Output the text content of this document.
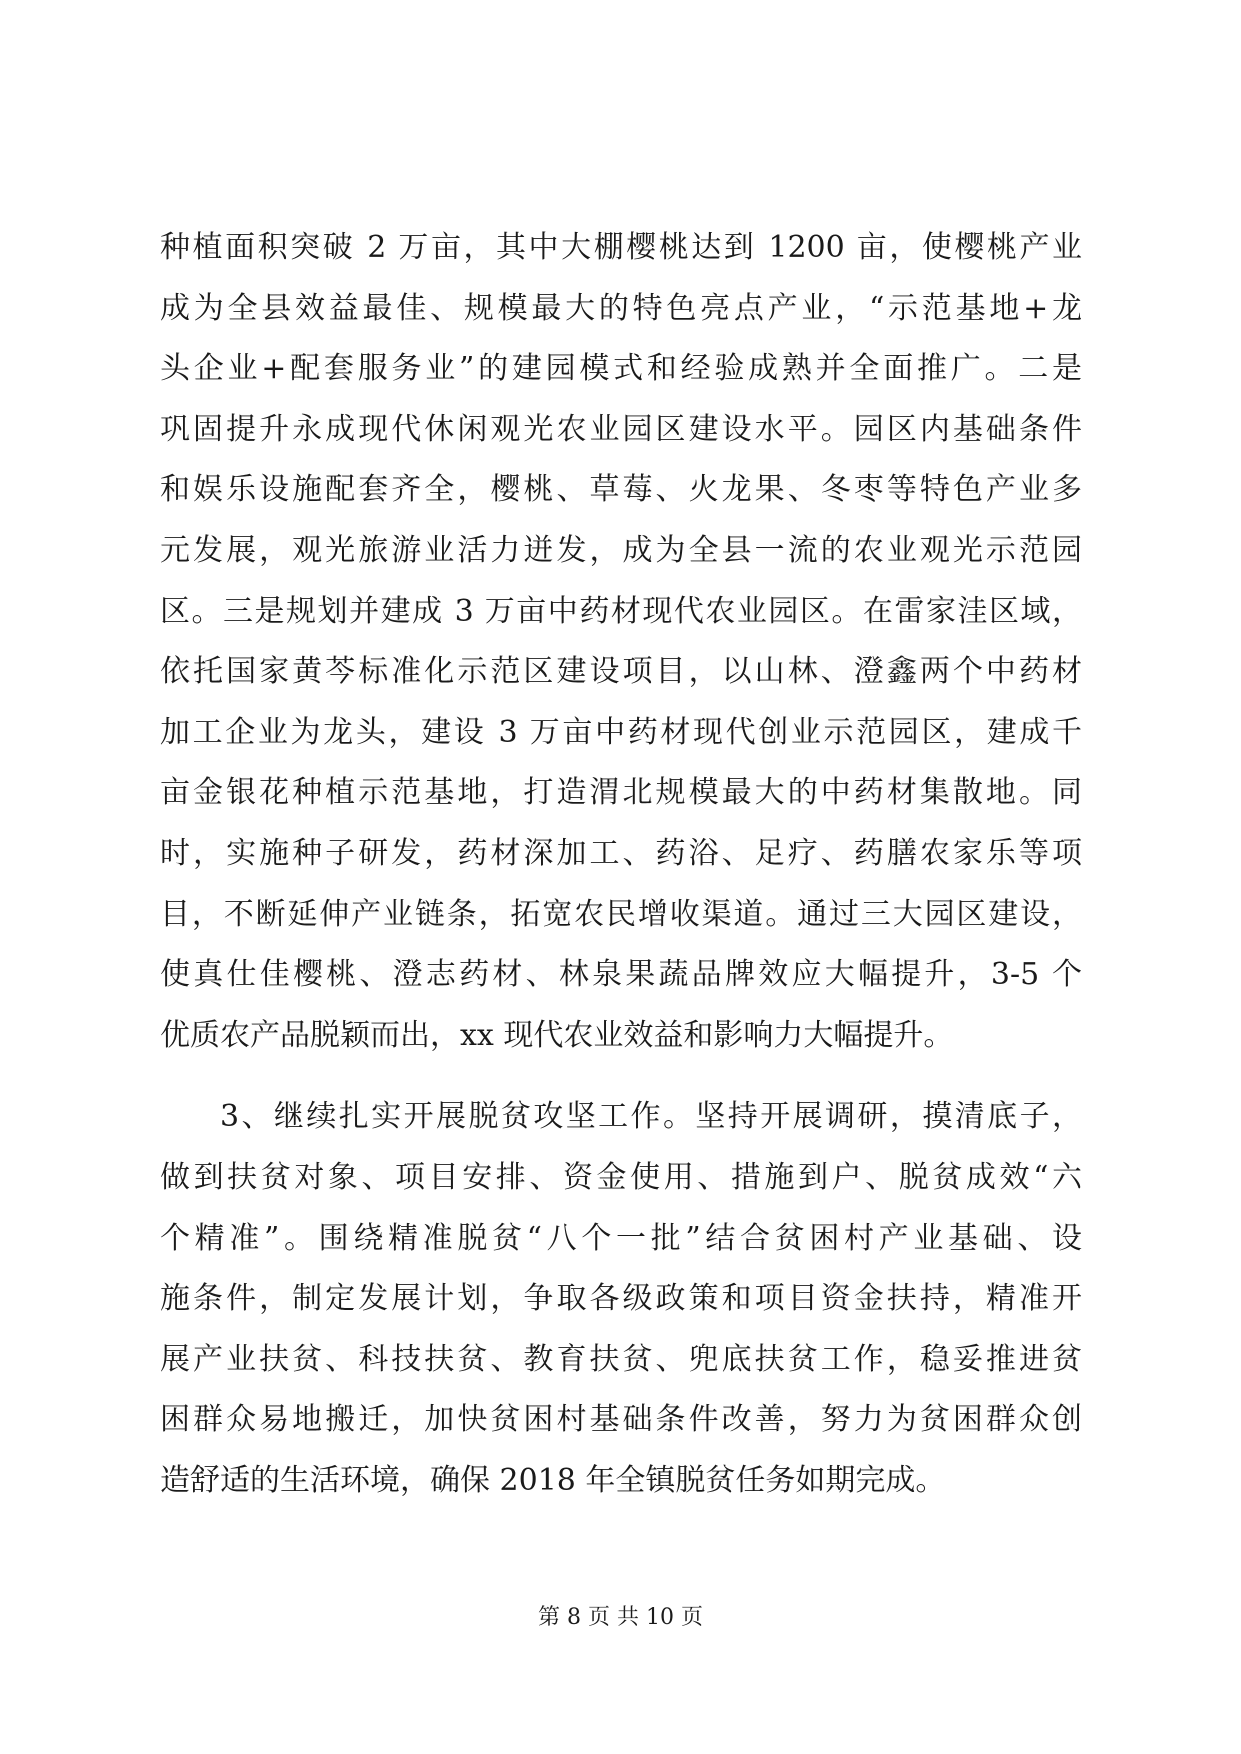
种植面积突破 2 万亩，其中大棚樱桃达到 1200 亩，使樱桃产业
成为全县效益最佳、规模最大的特色亮点产业，“示范基地+龙
头企业+配套服务业”的建园模式和经验成熟并全面推广。二是
巩固提升永成现代休闲观光农业园区建设水平。园区内基础条件
和娱乐设施配套齐全，樱桃、草莓、火龙果、冬枣等特色产业多
元发展，观光旅游业活力迸发，成为全县一流的农业观光示范园
区。三是规划并建成 3 万亩中药材现代农业园区。在雷家洼区域，
依托国家黄芩标准化示范区建设项目，以山林、澄鑫两个中药材
加工企业为龙头，建设 3 万亩中药材现代创业示范园区，建成千
亩金银花种植示范基地，打造渭北规模最大的中药材集散地。同
时，实施种子研发，药材深加工、药浴、足疗、药膳农家乐等项
目，不断延伸产业链条，拓宽农民增收渠道。通过三大园区建设，
使真仕佳樱桃、澄志药材、林泉果蔬品牌效应大幅提升，3-5 个
优质农产品脱颖而出，xx 现代农业效益和影响力大幅提升。
3、继续扎实开展脱贫攻坚工作。坚持开展调研，摸清底子，
做到扶贫对象、项目安排、资金使用、措施到户、脱贫成效“六
个精准”。围绕精准脱贫“八个一批”结合贫困村产业基础、设
施条件，制定发展计划，争取各级政策和项目资金扶持，精准开
展产业扶贫、科技扶贫、教育扶贫、兜底扶贫工作，稳妥推进贫
困群众易地搬迁，加快贫困村基础条件改善，努力为贫困群众创
造舒适的生活环境，确保 2018 年全镇脱贫任务如期完成。
第 8 页 共 10 页
